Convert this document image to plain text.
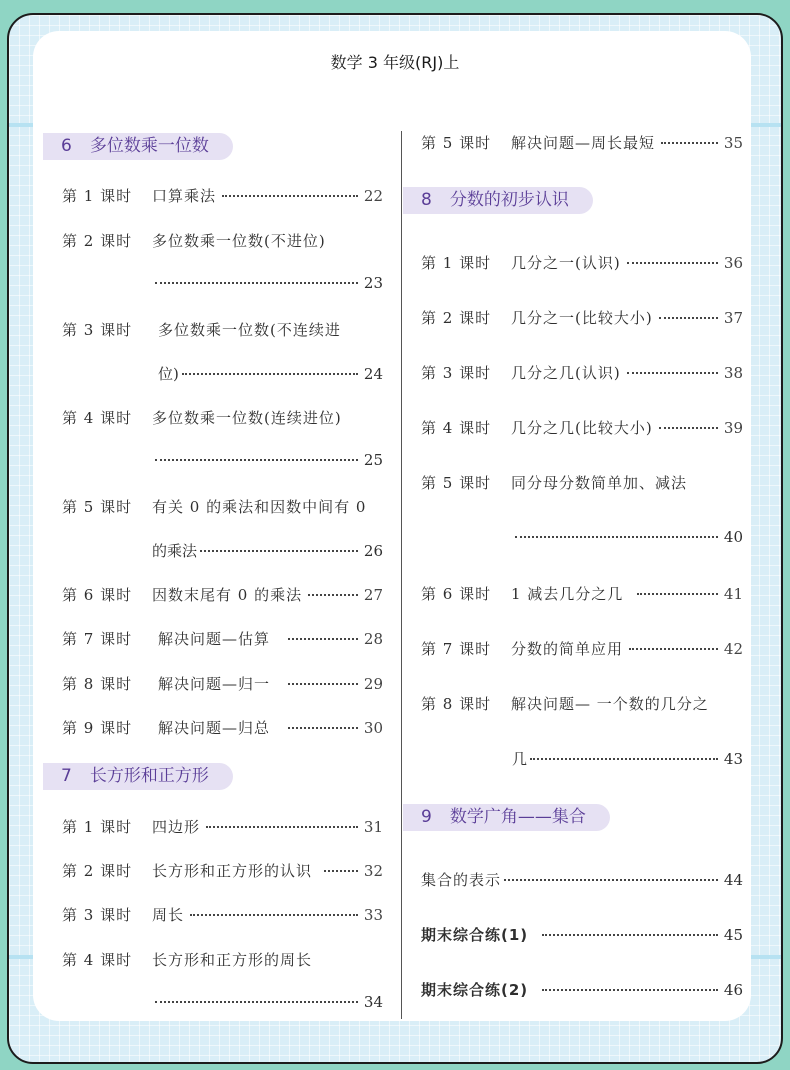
数学 3 年级(RJ)上
6 多位数乘一位数
第 1 课时	口算乘法	22
第 2 课时	多位数乘一位数(不进位)
23
第 3 课时	多位数乘一位数(不连续进
位)	24
第 4 课时	多位数乘一位数(连续进位)
25
第 5 课时	有关 0 的乘法和因数中间有 0
的乘法	26
第 6 课时	因数末尾有 0 的乘法	27
第 7 课时	解决问题—估算	28
第 8 课时	解决问题—归一	29
第 9 课时	解决问题—归总	30
7 长方形和正方形
第 1 课时	四边形	31
第 2 课时	长方形和正方形的认识	32
第 3 课时	周长	33
第 4 课时	长方形和正方形的周长
34
第 5 课时	解决问题—周长最短	35
8 分数的初步认识
第 1 课时	几分之一(认识)	36
第 2 课时	几分之一(比较大小)	37
第 3 课时	几分之几(认识)	38
第 4 课时	几分之几(比较大小)	39
第 5 课时	同分母分数简单加、减法
40
第 6 课时	1 减去几分之几	41
第 7 课时	分数的简单应用	42
第 8 课时	解决问题— 一个数的几分之
几	43
9 数学广角——集合
集合的表示	44
期末综合练(1)	45
期末综合练(2)	46
